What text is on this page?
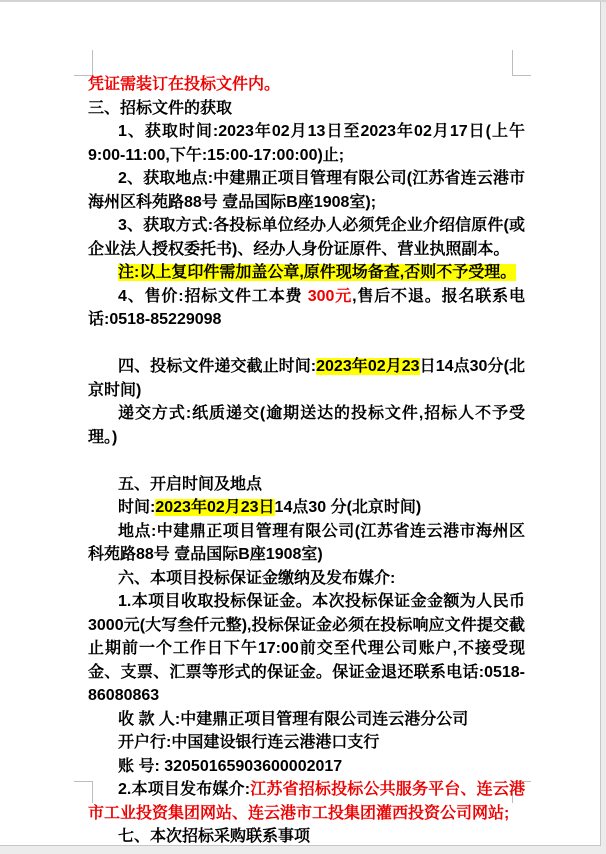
凭证需装订在投标文件内。

三、招标文件的获取

1、获取时间:2023年02月13日至2023年02月17日(上午9:00-11:00,下午:15:00-17:00:00)止;

2、获取地点:中建鼎正项目管理有限公司(江苏省连云港市海州区科苑路88号 壹品国际B座1908室);

3、获取方式:各投标单位经办人必须凭企业介绍信原件(或企业法人授权委托书)、经办人身份证原件、营业执照副本。

注:以上复印件需加盖公章,原件现场备查,否则不予受理。

4、售价:招标文件工本费 300元,售后不退。报名联系电话:0518-85229098

四、投标文件递交截止时间:2023年02月23日14点30分(北京时间)

递交方式:纸质递交(逾期送达的投标文件,招标人不予受理。)

五、开启时间及地点

时间:2023年02月23日14点30 分(北京时间)

地点:中建鼎正项目管理有限公司(江苏省连云港市海州区科苑路88号 壹品国际B座1908室)

六、本项目投标保证金缴纳及发布媒介:

1.本项目收取投标保证金。本次投标保证金金额为人民币3000元(大写叁仟元整),投标保证金必须在投标响应文件提交截止期前一个工作日下午17:00前交至代理公司账户,不接受现金、支票、汇票等形式的保证金。保证金退还联系电话:0518-86080863

收 款 人:中建鼎正项目管理有限公司连云港分公司

开户行:中国建设银行连云港港口支行

账 号: 32050165903600002017

2.本项目发布媒介:江苏省招标投标公共服务平台、连云港市工业投资集团网站、连云港市工投集团灌西投资公司网站;

七、本次招标采购联系事项
